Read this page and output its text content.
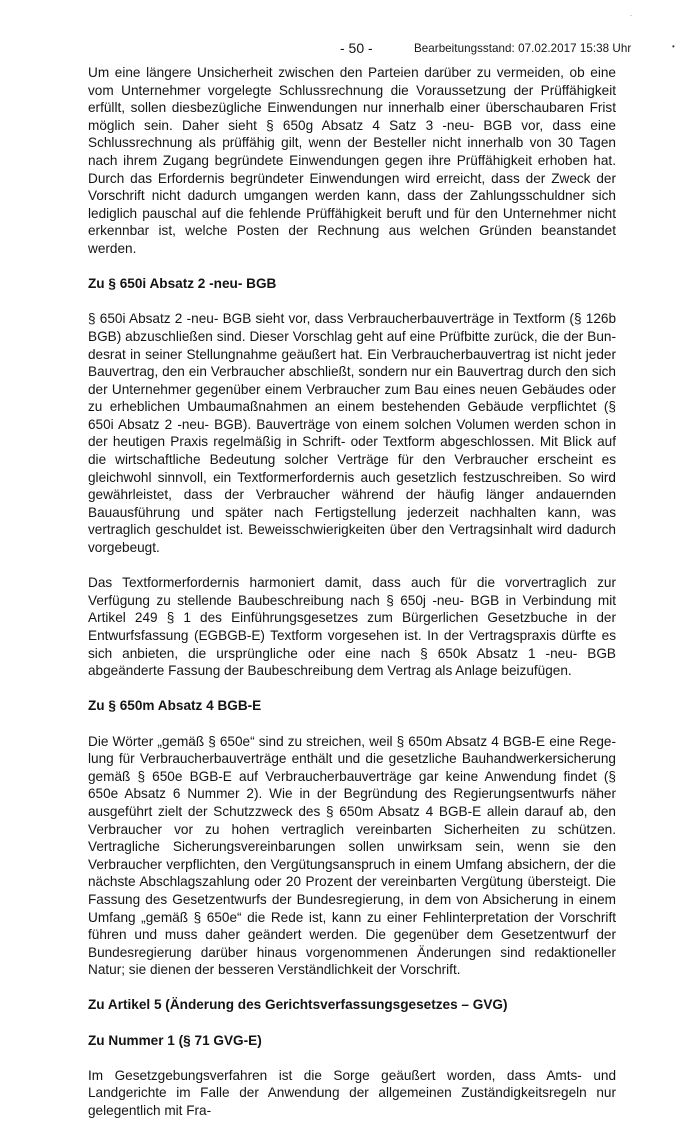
- 50 -	Bearbeitungsstand: 07.02.2017 15:38 Uhr
˙
•

Um eine längere Unsicherheit zwischen den Parteien darüber zu vermeiden, ob eine vom Unternehmer vorgelegte Schlussrechnung die Voraussetzung der Prüffähigkeit erfüllt, sollen diesbezügliche Einwendungen nur innerhalb einer überschaubaren Frist möglich sein. Daher sieht § 650g Absatz 4 Satz 3 -neu- BGB vor, dass eine Schlussrechnung als prüffähig gilt, wenn der Besteller nicht innerhalb von 30 Tagen nach ihrem Zugang begründete Einwendungen gegen ihre Prüffähigkeit erhoben hat. Durch das Erfordernis begründeter Einwendungen wird erreicht, dass der Zweck der Vorschrift nicht dadurch umgangen werden kann, dass der Zahlungsschuldner sich lediglich pauschal auf die fehlende Prüffähigkeit beruft und für den Unternehmer nicht erkennbar ist, welche Posten der Rechnung aus welchen Gründen beanstandet werden.

Zu § 650i Absatz 2 -neu- BGB

§ 650i Absatz 2 -neu- BGB sieht vor, dass Verbraucherbauverträge in Textform (§ 126b BGB) abzuschließen sind. Dieser Vorschlag geht auf eine Prüfbitte zurück, die der Bundesrat in seiner Stellungnahme geäußert hat. Ein Verbraucherbauvertrag ist nicht jeder Bauvertrag, den ein Verbraucher abschließt, sondern nur ein Bauvertrag durch den sich der Unternehmer gegenüber einem Verbraucher zum Bau eines neuen Gebäudes oder zu erheblichen Umbaumaßnahmen an einem bestehenden Gebäude verpflichtet (§ 650i Absatz 2 -neu- BGB). Bauverträge von einem solchen Volumen werden schon in der heutigen Praxis regelmäßig in Schrift- oder Textform abgeschlossen. Mit Blick auf die wirtschaftliche Bedeutung solcher Verträge für den Verbraucher erscheint es gleichwohl sinnvoll, ein Textformerfordernis auch gesetzlich festzuschreiben. So wird gewährleistet, dass der Verbraucher während der häufig länger andauernden Bauausführung und später nach Fertigstellung jederzeit nachhalten kann, was vertraglich geschuldet ist. Beweisschwierigkeiten über den Vertragsinhalt wird dadurch vorgebeugt.

Das Textformerfordernis harmoniert damit, dass auch für die vorvertraglich zur Verfügung zu stellende Baubeschreibung nach § 650j -neu- BGB in Verbindung mit Artikel 249 § 1 des Einführungsgesetzes zum Bürgerlichen Gesetzbuche in der Entwurfsfassung (EGBGB-E) Textform vorgesehen ist. In der Vertragspraxis dürfte es sich anbieten, die ursprüngliche oder eine nach § 650k Absatz 1 -neu- BGB abgeänderte Fassung der Baubeschreibung dem Vertrag als Anlage beizufügen.

Zu § 650m Absatz 4 BGB-E

Die Wörter „gemäß § 650e“ sind zu streichen, weil § 650m Absatz 4 BGB-E eine Regelung für Verbraucherbauverträge enthält und die gesetzliche Bauhandwerkersicherung gemäß § 650e BGB-E auf Verbraucherbauverträge gar keine Anwendung findet (§ 650e Absatz 6 Nummer 2). Wie in der Begründung des Regierungsentwurfs näher ausgeführt zielt der Schutzzweck des § 650m Absatz 4 BGB-E allein darauf ab, den Verbraucher vor zu hohen vertraglich vereinbarten Sicherheiten zu schützen. Vertragliche Sicherungsvereinbarungen sollen unwirksam sein, wenn sie den Verbraucher verpflichten, den Vergütungsanspruch in einem Umfang absichern, der die nächste Abschlagszahlung oder 20 Prozent der vereinbarten Vergütung übersteigt. Die Fassung des Gesetzentwurfs der Bundesregierung, in dem von Absicherung in einem Umfang „gemäß § 650e“ die Rede ist, kann zu einer Fehlinterpretation der Vorschrift führen und muss daher geändert werden. Die gegenüber dem Gesetzentwurf der Bundesregierung darüber hinaus vorgenommenen Änderungen sind redaktioneller Natur; sie dienen der besseren Verständlichkeit der Vorschrift.

Zu Artikel 5 (Änderung des Gerichtsverfassungsgesetzes – GVG)
Zu Nummer 1 (§ 71 GVG-E)

Im Gesetzgebungsverfahren ist die Sorge geäußert worden, dass Amts- und Landgerichte im Falle der Anwendung der allgemeinen Zuständigkeitsregeln nur gelegentlich mit Fra-
